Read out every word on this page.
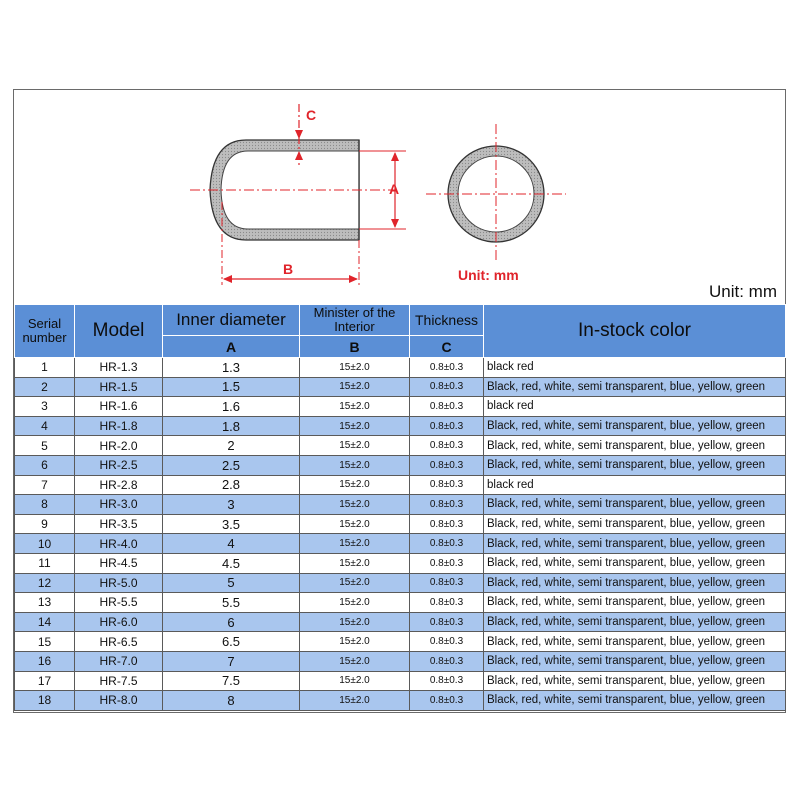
C
A
B	Unit: mm
Unit: mm
Serial number	Model	Inner diameter	Minister of the Interior	Thickness	In-stock color
		A	B	C	
1	HR-1.3	1.3	15±2.0	0.8±0.3	black red
2	HR-1.5	1.5	15±2.0	0.8±0.3	Black, red, white, semi transparent, blue, yellow, green
3	HR-1.6	1.6	15±2.0	0.8±0.3	black red
4	HR-1.8	1.8	15±2.0	0.8±0.3	Black, red, white, semi transparent, blue, yellow, green
5	HR-2.0	2	15±2.0	0.8±0.3	Black, red, white, semi transparent, blue, yellow, green
6	HR-2.5	2.5	15±2.0	0.8±0.3	Black, red, white, semi transparent, blue, yellow, green
7	HR-2.8	2.8	15±2.0	0.8±0.3	black red
8	HR-3.0	3	15±2.0	0.8±0.3	Black, red, white, semi transparent, blue, yellow, green
9	HR-3.5	3.5	15±2.0	0.8±0.3	Black, red, white, semi transparent, blue, yellow, green
10	HR-4.0	4	15±2.0	0.8±0.3	Black, red, white, semi transparent, blue, yellow, green
11	HR-4.5	4.5	15±2.0	0.8±0.3	Black, red, white, semi transparent, blue, yellow, green
12	HR-5.0	5	15±2.0	0.8±0.3	Black, red, white, semi transparent, blue, yellow, green
13	HR-5.5	5.5	15±2.0	0.8±0.3	Black, red, white, semi transparent, blue, yellow, green
14	HR-6.0	6	15±2.0	0.8±0.3	Black, red, white, semi transparent, blue, yellow, green
15	HR-6.5	6.5	15±2.0	0.8±0.3	Black, red, white, semi transparent, blue, yellow, green
16	HR-7.0	7	15±2.0	0.8±0.3	Black, red, white, semi transparent, blue, yellow, green
17	HR-7.5	7.5	15±2.0	0.8±0.3	Black, red, white, semi transparent, blue, yellow, green
18	HR-8.0	8	15±2.0	0.8±0.3	Black, red, white, semi transparent, blue, yellow, green
